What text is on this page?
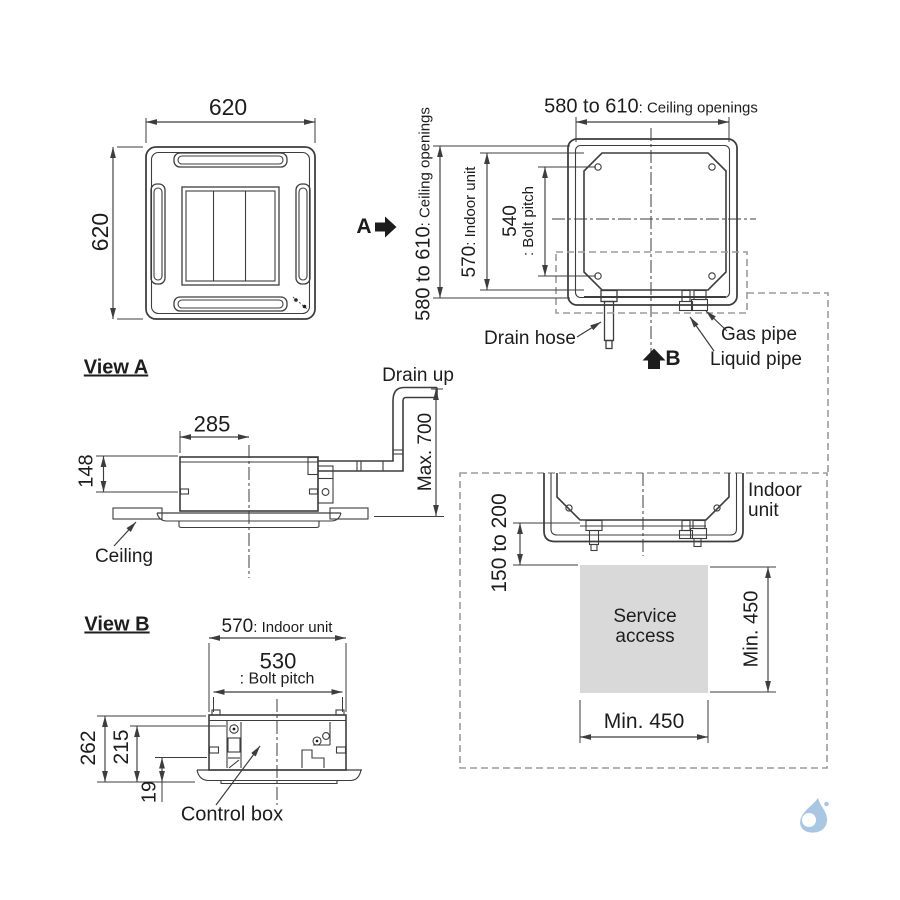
620
620	A
580 to 610: Ceiling openings
580 to 610: Ceiling openings
570: Indoor unit 540 : Bolt pitch
Drain hose
B
Gas pipe
Liquid pipe
View A	Drain up
285
148	Max. 700
Ceiling
View B	570: Indoor unit
530
: Bolt pitch
262 215
19
Control box
Indoor
unit
150 to 200
Service
access	Min. 450
Min. 450
